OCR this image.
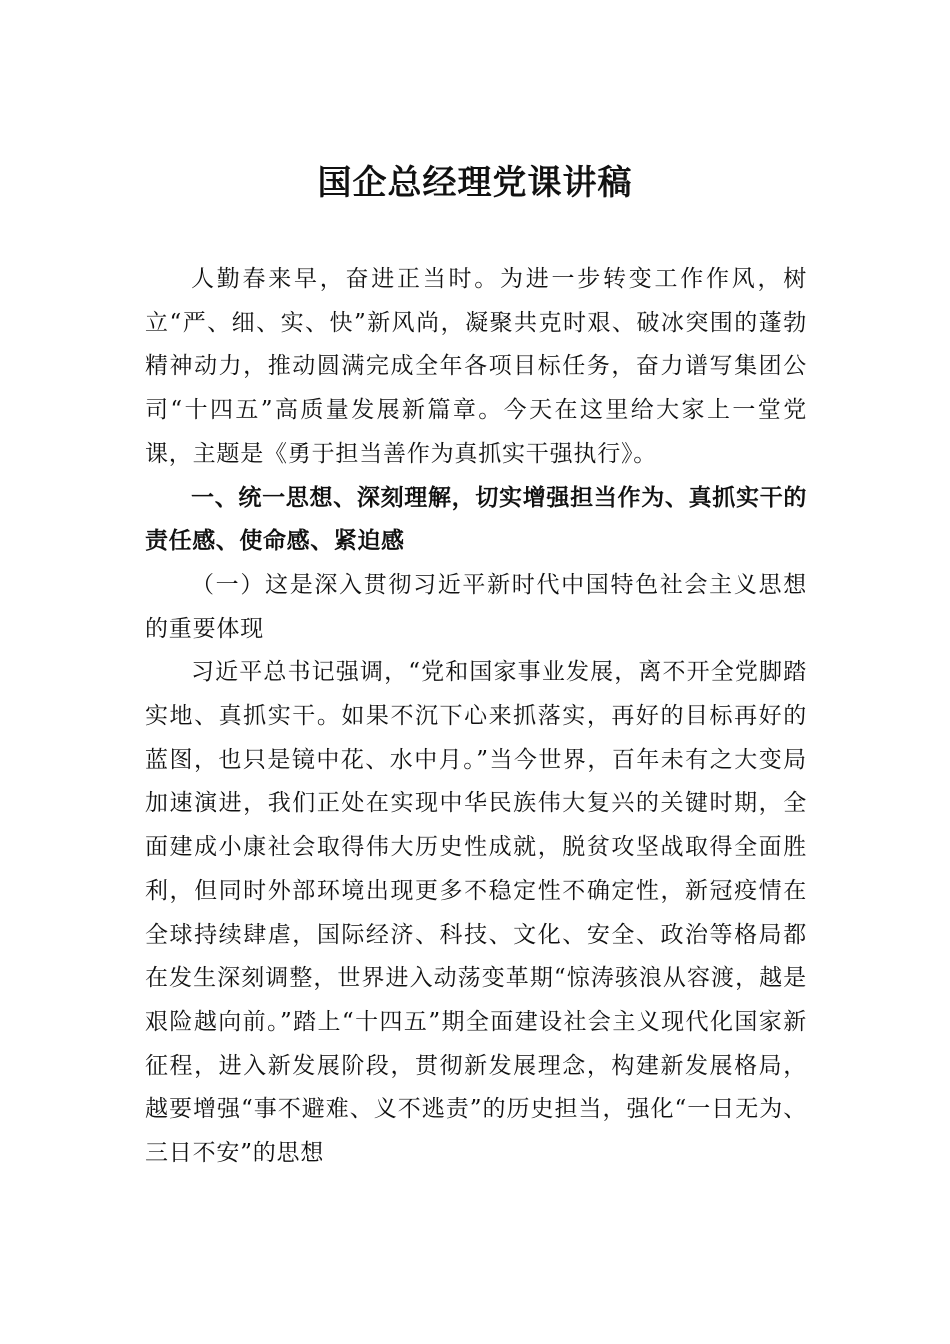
国企总经理党课讲稿

人勤春来早，奋进正当时。为进一步转变工作作风，树立“严、细、实、快”新风尚，凝聚共克时艰、破冰突围的蓬勃精神动力，推动圆满完成全年各项目标任务，奋力谱写集团公司“十四五”高质量发展新篇章。今天在这里给大家上一堂党课，主题是《勇于担当善作为真抓实干强执行》。

一、统一思想、深刻理解，切实增强担当作为、真抓实干的责任感、使命感、紧迫感

（一）这是深入贯彻习近平新时代中国特色社会主义思想的重要体现

习近平总书记强调，“党和国家事业发展，离不开全党脚踏实地、真抓实干。如果不沉下心来抓落实，再好的目标再好的蓝图，也只是镜中花、水中月。”当今世界，百年未有之大变局加速演进，我们正处在实现中华民族伟大复兴的关键时期，全面建成小康社会取得伟大历史性成就，脱贫攻坚战取得全面胜利，但同时外部环境出现更多不稳定性不确定性，新冠疫情在全球持续肆虐，国际经济、科技、文化、安全、政治等格局都在发生深刻调整，世界进入动荡变革期“惊涛骇浪从容渡，越是艰险越向前。”踏上“十四五”期全面建设社会主义现代化国家新征程，进入新发展阶段，贯彻新发展理念，构建新发展格局，越要增强“事不避难、义不逃责”的历史担当，强化“一日无为、三日不安”的思想
